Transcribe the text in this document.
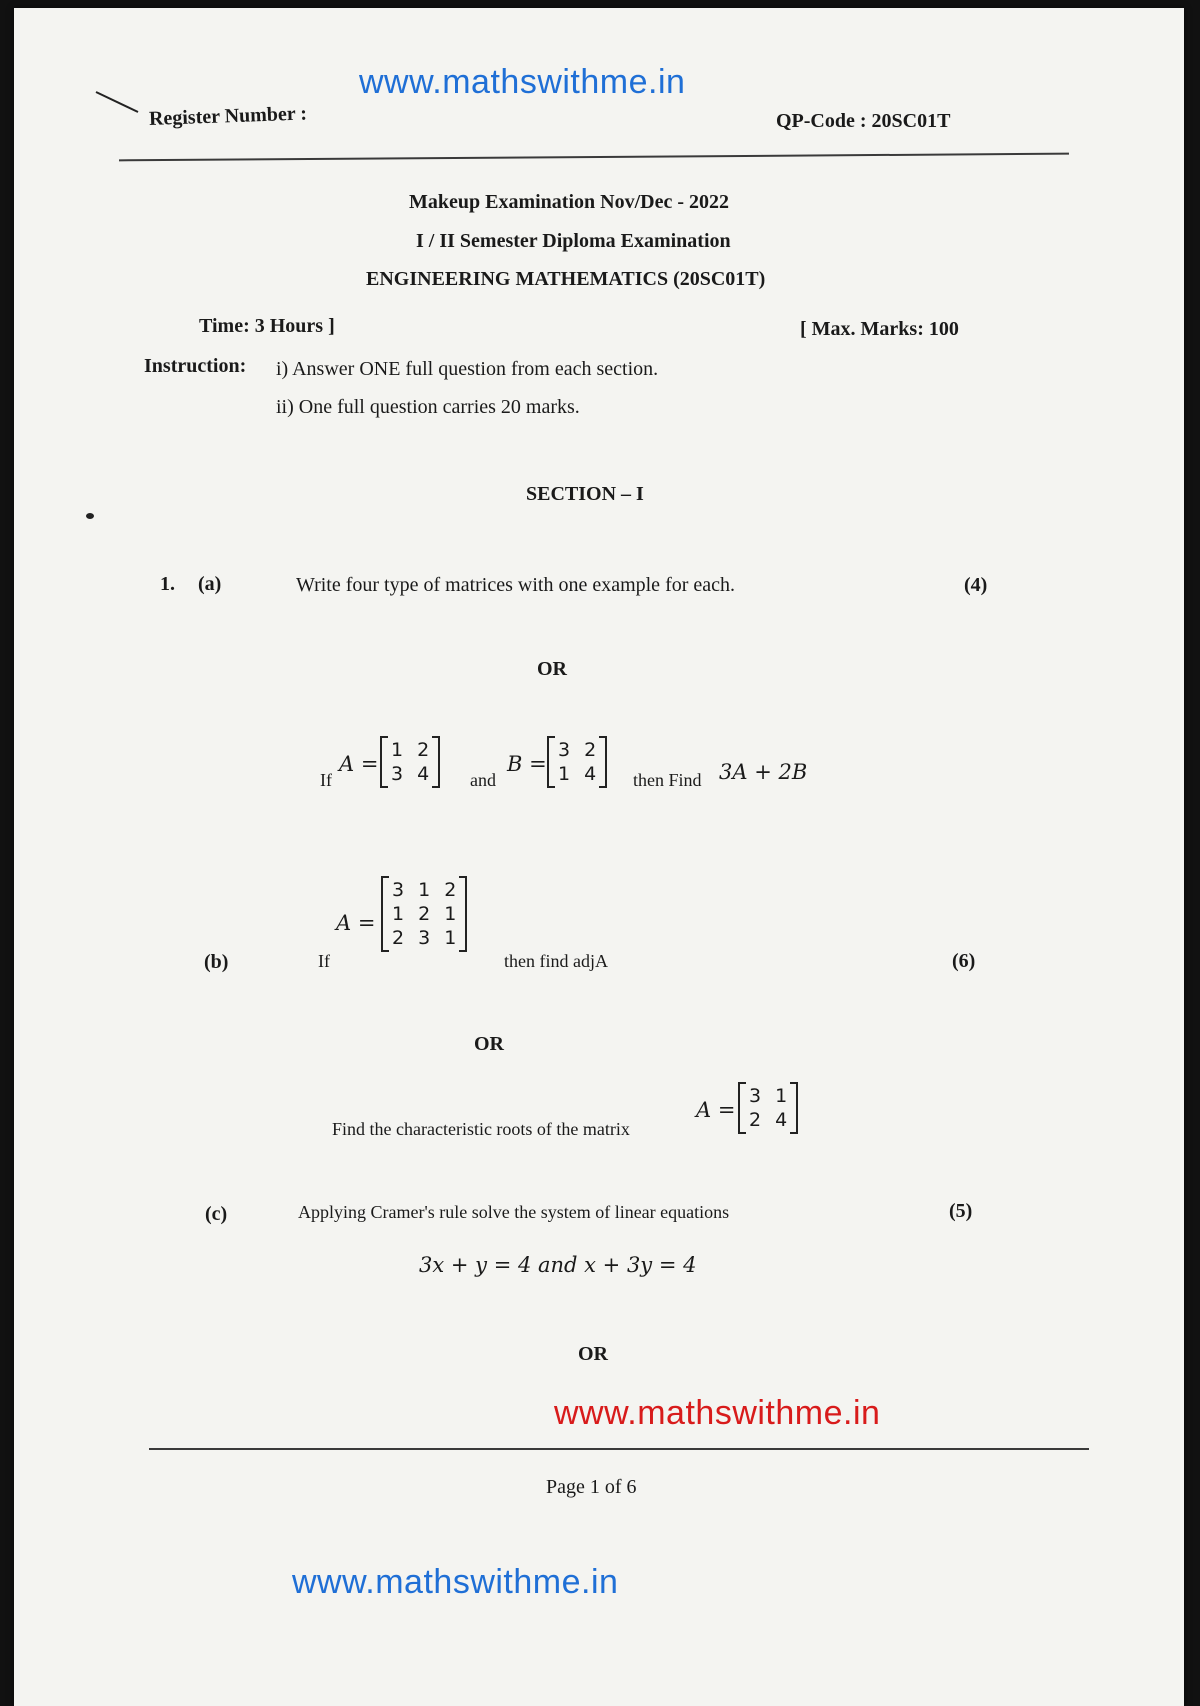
www.mathswithme.in
Register Number :	QP-Code : 20SC01T
Makeup Examination Nov/Dec - 2022
I / II Semester Diploma Examination
ENGINEERING MATHEMATICS (20SC01T)
Time: 3 Hours ]	[ Max. Marks: 100
Instruction: i) Answer ONE full question from each section.
ii) One full question carries 20 marks.
SECTION – I
1. (a)	Write four type of matrices with one example for each.	(4)
OR
If
A =
1	2
3	4 and
B =
3	2
1	4 then Find 3A + 2B
(b)	If
A =
3	1	2
1	2	1
2	3	1
then find adjA	(6)
OR
Find the characteristic roots of the matrix
A =
3	1
2	4
(c)	Applying Cramer's rule solve the system of linear equations	(5)
3x + y = 4 and x + 3y = 4
OR
www.mathswithme.in
Page 1 of 6
www.mathswithme.in
